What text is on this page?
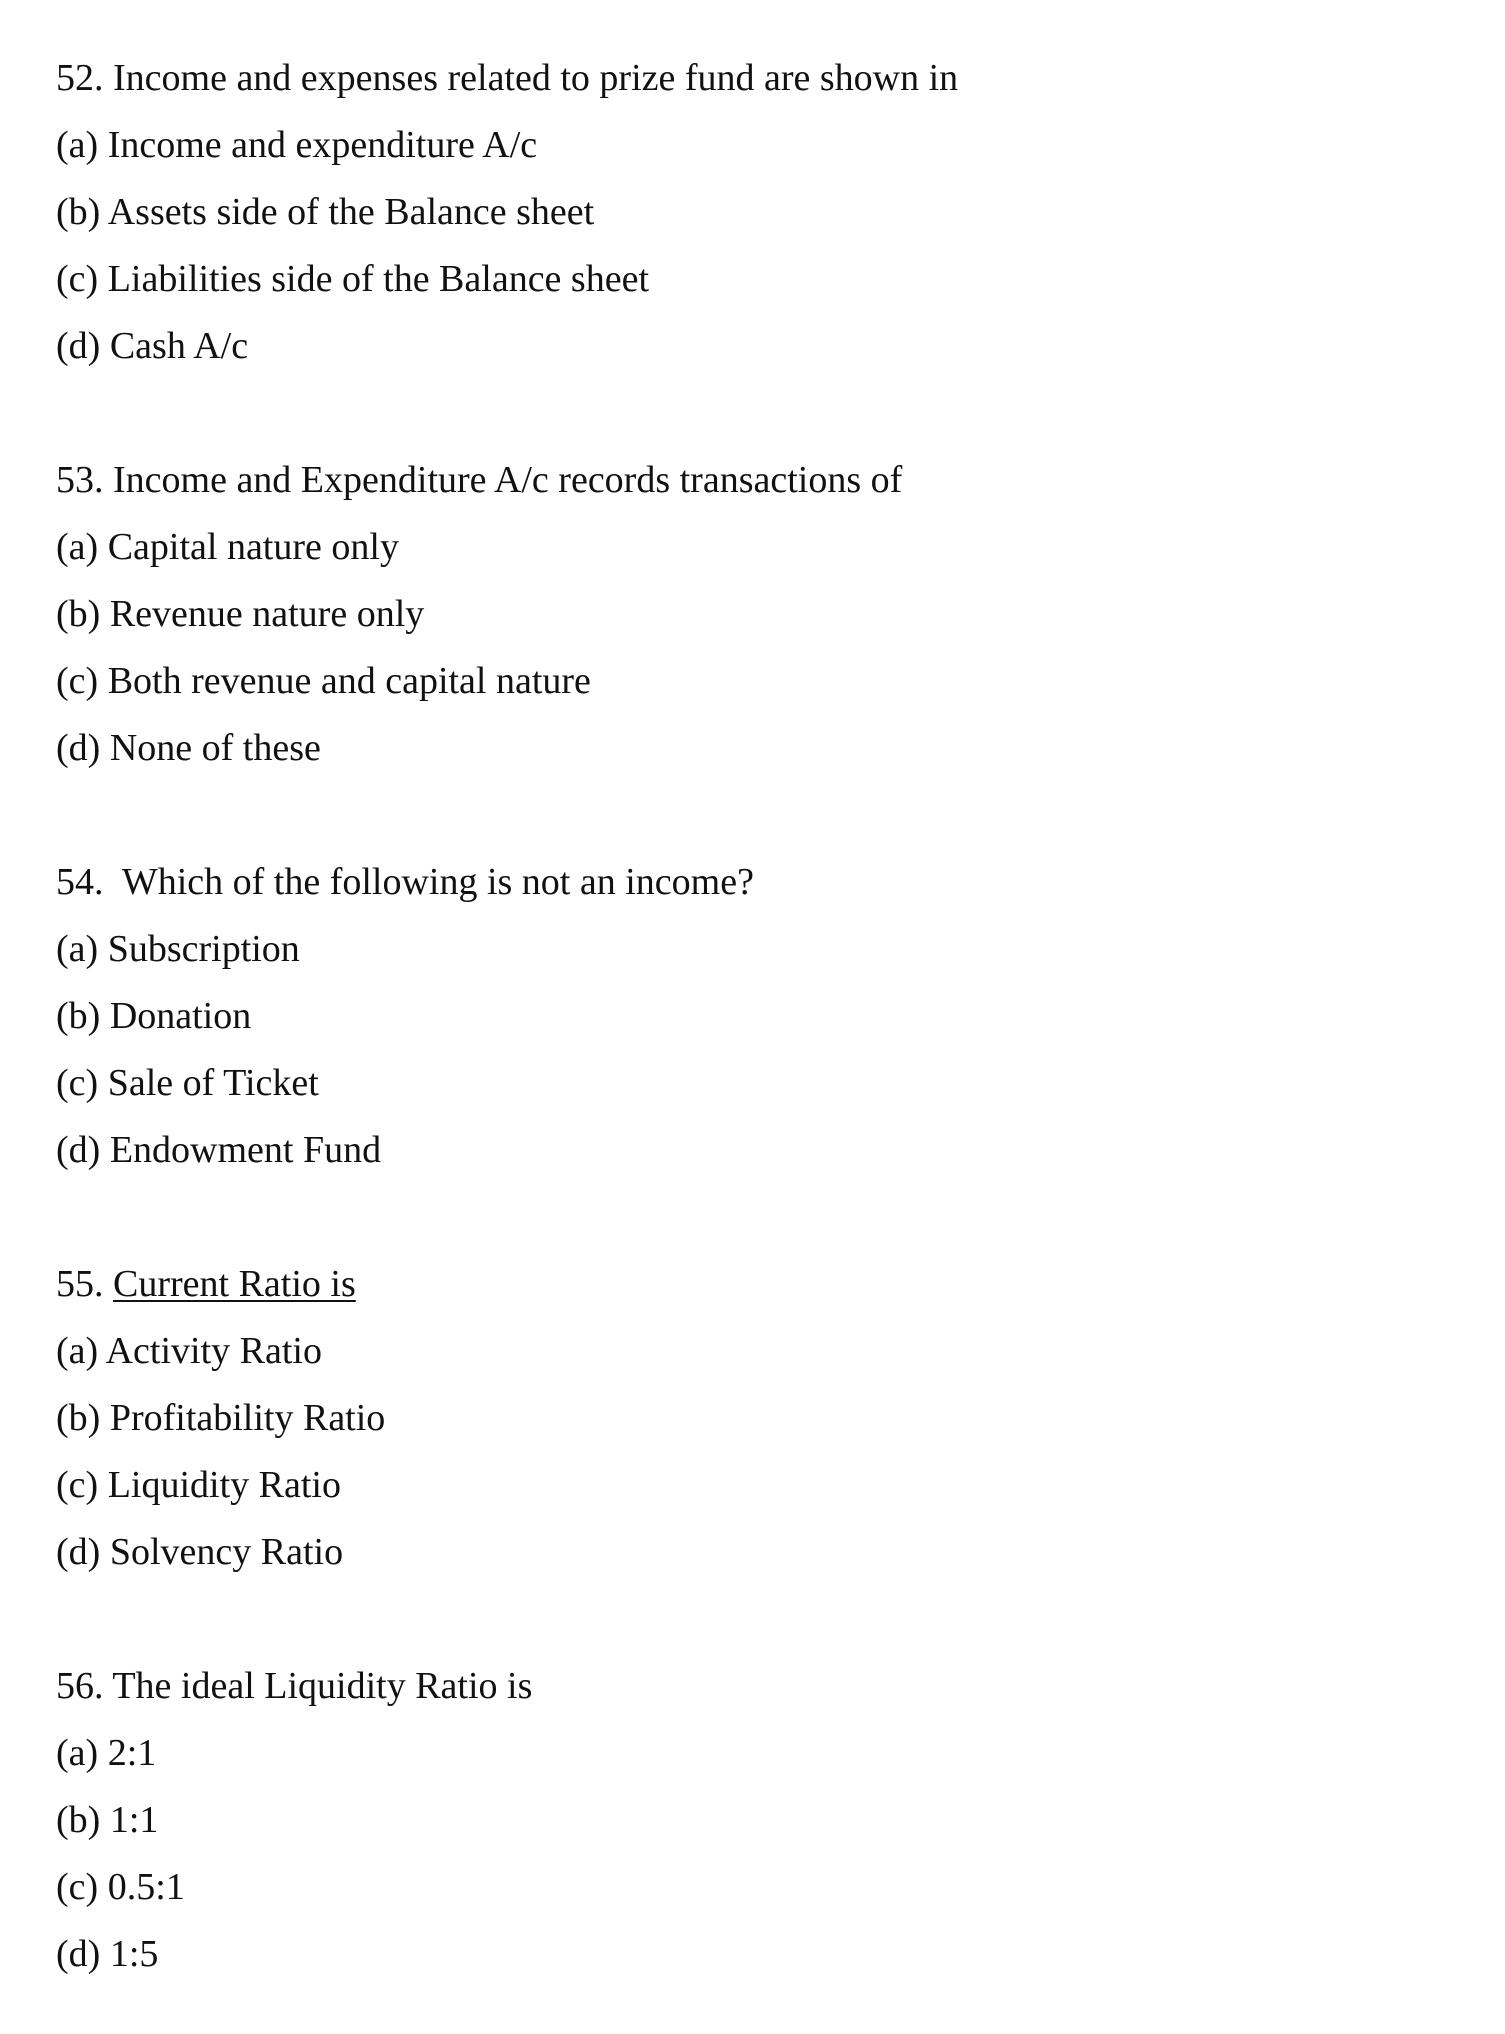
52. Income and expenses related to prize fund are shown in
(a) Income and expenditure A/c
(b) Assets side of the Balance sheet
(c) Liabilities side of the Balance sheet
(d) Cash A/c
53. Income and Expenditure A/c records transactions of
(a) Capital nature only
(b) Revenue nature only
(c) Both revenue and capital nature
(d) None of these
54. Which of the following is not an income?
(a) Subscription
(b) Donation
(c) Sale of Ticket
(d) Endowment Fund
55. Current Ratio is
(a) Activity Ratio
(b) Profitability Ratio
(c) Liquidity Ratio
(d) Solvency Ratio
56. The ideal Liquidity Ratio is
(a) 2:1
(b) 1:1
(c) 0.5:1
(d) 1:5
